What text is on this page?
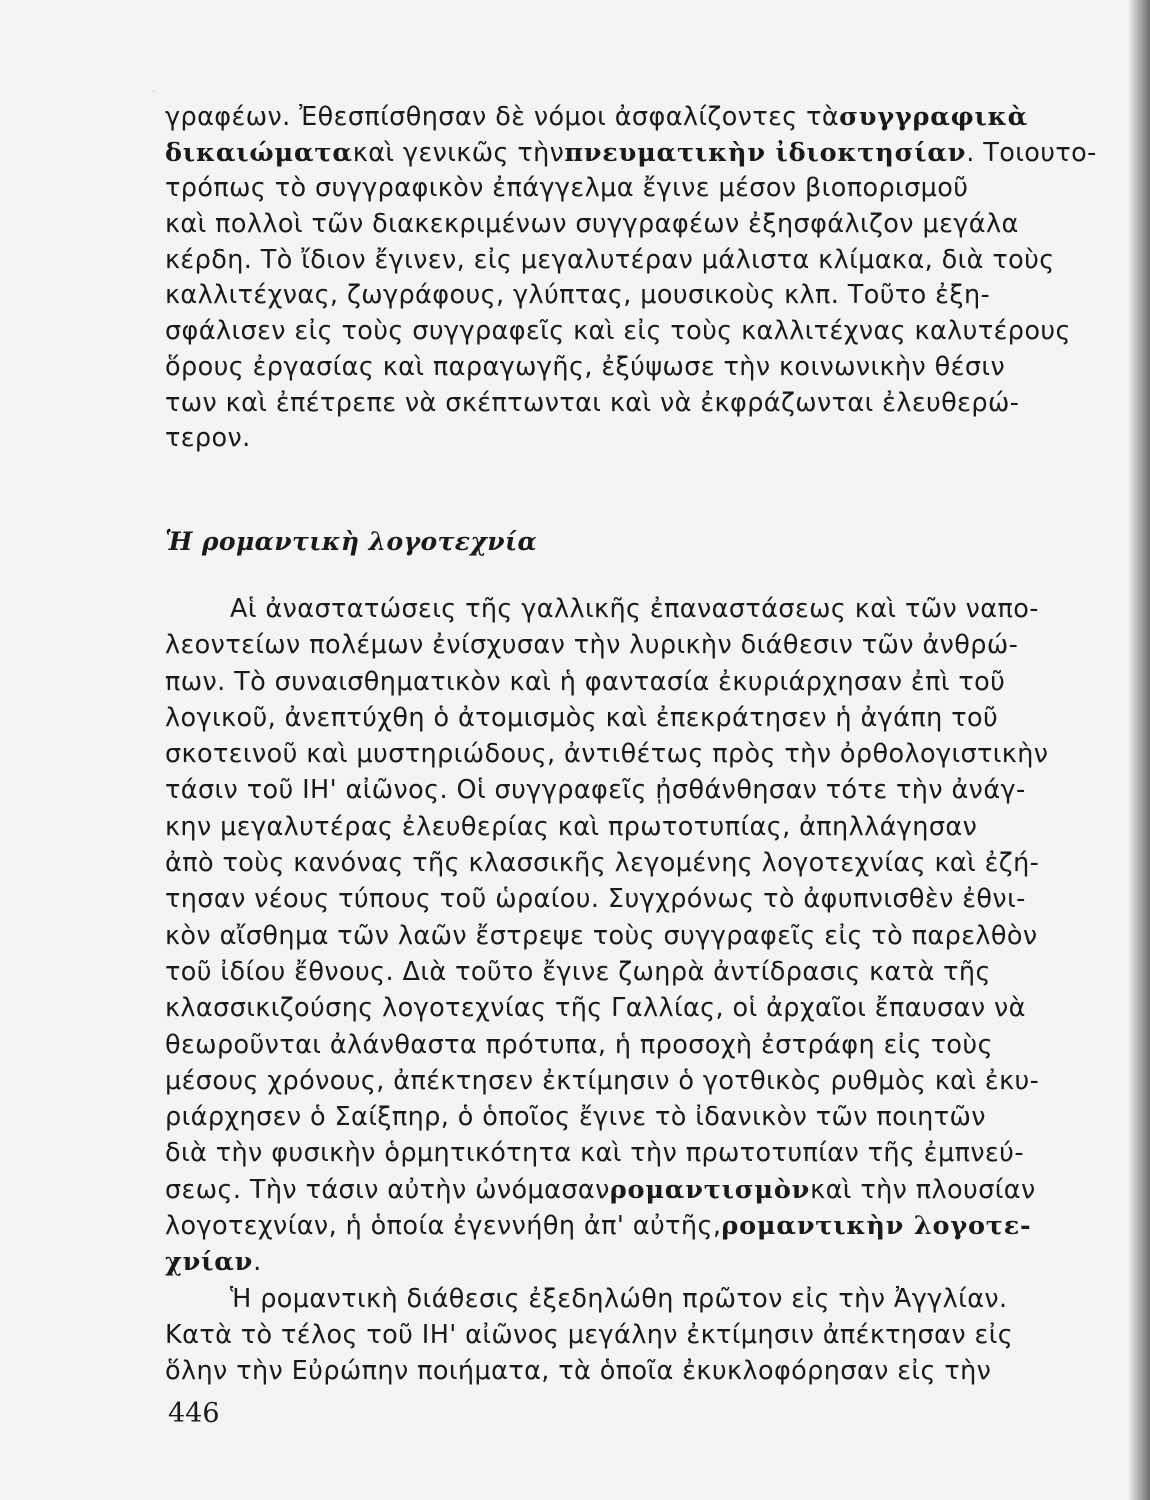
·
γραφέων. Ἐθεσπίσθησαν δὲ νόμοι ἀσφαλίζοντες τὰ συγγραφικὰ
δικαιώματα καὶ γενικῶς τὴν πνευματικὴν ἰδιοκτησίαν. Τοιουτο-
τρόπως τὸ συγγραφικὸν ἐπάγγελμα ἔγινε μέσον βιοπορισμοῦ
καὶ πολλοὶ τῶν διακεκριμένων συγγραφέων ἐξησφάλιζον μεγάλα
κέρδη. Τὸ ἴδιον ἔγινεν, εἰς μεγαλυτέραν μάλιστα κλίμακα, διὰ τοὺς
καλλιτέχνας, ζωγράφους, γλύπτας, μουσικοὺς κλπ. Τοῦτο ἐξη-
σφάλισεν εἰς τοὺς συγγραφεῖς καὶ εἰς τοὺς καλλιτέχνας καλυτέρους
ὅρους ἐργασίας καὶ παραγωγῆς, ἐξύψωσε τὴν κοινωνικὴν θέσιν
των καὶ ἐπέτρεπε νὰ σκέπτωνται καὶ νὰ ἐκφράζωνται ἐλευθερώ-
τερον.
Ἡ ρομαντικὴ λογοτεχνία
Αἱ ἀναστατώσεις τῆς γαλλικῆς ἐπαναστάσεως καὶ τῶν ναπο-
λεοντείων πολέμων ἐνίσχυσαν τὴν λυρικὴν διάθεσιν τῶν ἀνθρώ-
πων. Τὸ συναισθηματικὸν καὶ ἡ φαντασία ἐκυριάρχησαν ἐπὶ τοῦ
λογικοῦ, ἀνεπτύχθη ὁ ἀτομισμὸς καὶ ἐπεκράτησεν ἡ ἀγάπη τοῦ
σκοτεινοῦ καὶ μυστηριώδους, ἀντιθέτως πρὸς τὴν ὀρθολογιστικὴν
τάσιν τοῦ ΙΗ' αἰῶνος. Οἱ συγγραφεῖς ᾐσθάνθησαν τότε τὴν ἀνάγ-
κην μεγαλυτέρας ἐλευθερίας καὶ πρωτοτυπίας, ἀπηλλάγησαν
ἀπὸ τοὺς κανόνας τῆς κλασσικῆς λεγομένης λογοτεχνίας καὶ ἐζή-
τησαν νέους τύπους τοῦ ὡραίου. Συγχρόνως τὸ ἀφυπνισθὲν ἐθνι-
κὸν αἴσθημα τῶν λαῶν ἔστρεψε τοὺς συγγραφεῖς εἰς τὸ παρελθὸν
τοῦ ἰδίου ἔθνους. Διὰ τοῦτο ἔγινε ζωηρὰ ἀντίδρασις κατὰ τῆς
κλασσικιζούσης λογοτεχνίας τῆς Γαλλίας, οἱ ἀρχαῖοι ἔπαυσαν νὰ
θεωροῦνται ἀλάνθαστα πρότυπα, ἡ προσοχὴ ἐστράφη εἰς τοὺς
μέσους χρόνους, ἀπέκτησεν ἐκτίμησιν ὁ γοτθικὸς ρυθμὸς καὶ ἐκυ-
ριάρχησεν ὁ Σαίξπηρ, ὁ ὁποῖος ἔγινε τὸ ἰδανικὸν τῶν ποιητῶν
διὰ τὴν φυσικὴν ὁρμητικότητα καὶ τὴν πρωτοτυπίαν τῆς ἐμπνεύ-
σεως. Τὴν τάσιν αὐτὴν ὠνόμασαν ρομαντισμὸν καὶ τὴν πλουσίαν
λογοτεχνίαν, ἡ ὁποία ἐγεννήθη ἀπ' αὐτῆς, ρομαντικὴν λογοτε-
χνίαν .
Ἡ ρομαντικὴ διάθεσις ἐξεδηλώθη πρῶτον εἰς τὴν Ἀγγλίαν.
Κατὰ τὸ τέλος τοῦ ΙΗ' αἰῶνος μεγάλην ἐκτίμησιν ἀπέκτησαν εἰς
ὅλην τὴν Εὐρώπην ποιήματα, τὰ ὁποῖα ἐκυκλοφόρησαν εἰς τὴν
446
